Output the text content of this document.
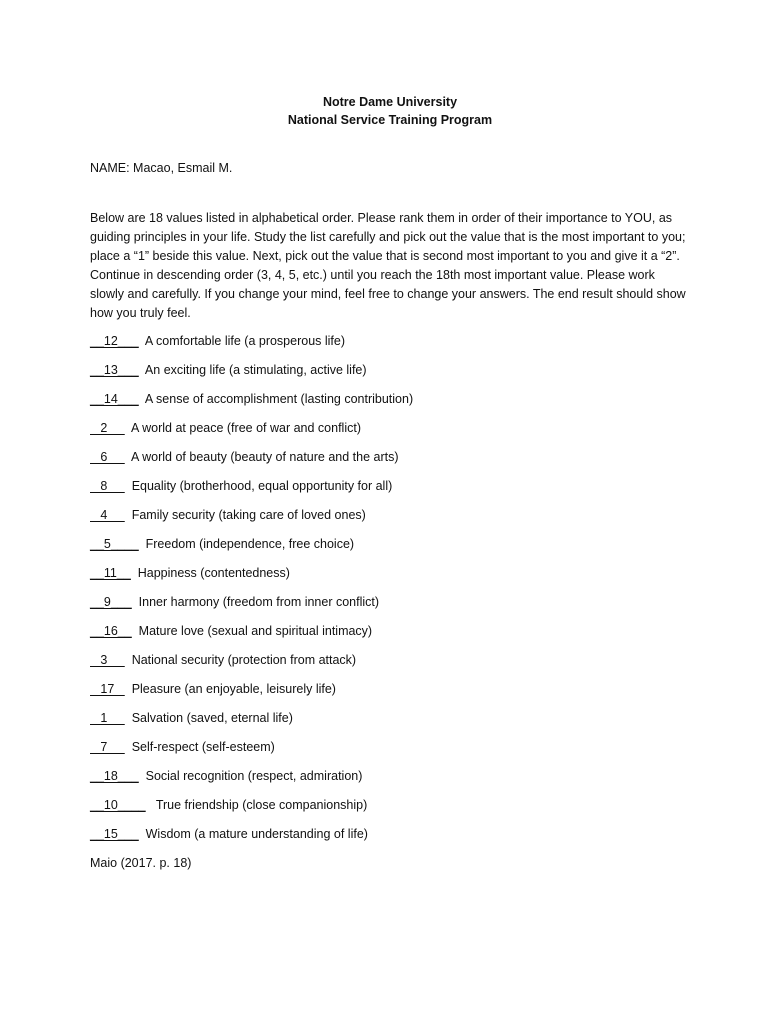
Notre Dame University
National Service Training Program
NAME: Macao, Esmail M.
Below are 18 values listed in alphabetical order. Please rank them in order of their importance to YOU, as guiding principles in your life. Study the list carefully and pick out the value that is the most important to you; place a “1” beside this value. Next, pick out the value that is second most important to you and give it a “2”. Continue in descending order (3, 4, 5, etc.) until you reach the 18th most important value. Please work slowly and carefully. If you change your mind, feel free to change your answers. The end result should show how you truly feel.
__12___  A comfortable life (a prosperous life)
__13___  An exciting life (a stimulating, active life)
__14___  A sense of accomplishment (lasting contribution)
2       A world at peace (free of war and conflict)
6       A world of beauty (beauty of nature and the arts)
8       Equality (brotherhood, equal opportunity for all)
4       Family security (taking care of loved ones)
__5____  Freedom (independence, free choice)
__11__  Happiness (contentedness)
__9___  Inner harmony (freedom from inner conflict)
__16__  Mature love (sexual and spiritual intimacy)
3       National security (protection from attack)
17     Pleasure (an enjoyable, leisurely life)
1       Salvation (saved, eternal life)
7       Self-respect (self-esteem)
__18___  Social recognition (respect, admiration)
__10____   True friendship (close companionship)
__15___  Wisdom (a mature understanding of life)
Maio (2017. p. 18)
